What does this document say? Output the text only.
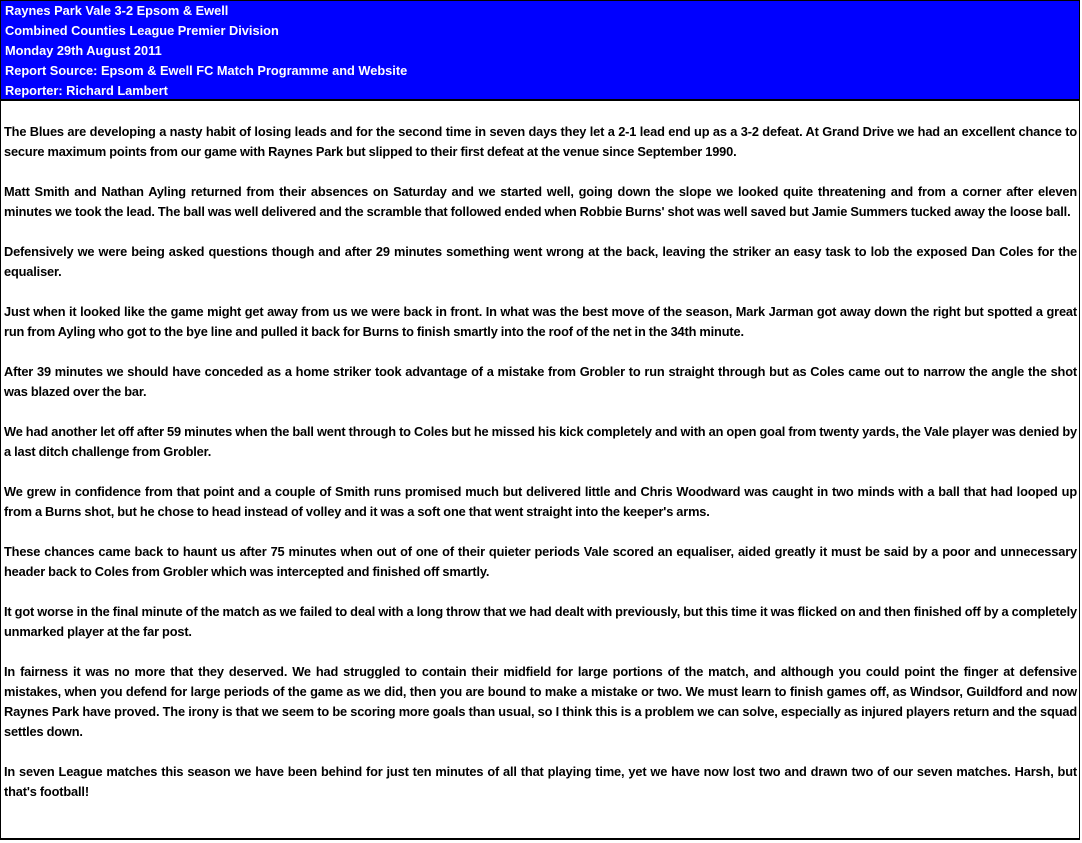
Raynes Park Vale 3-2 Epsom & Ewell
Combined Counties League Premier Division
Monday 29th August 2011
Report Source: Epsom & Ewell FC Match Programme and Website
Reporter: Richard Lambert

The Blues are developing a nasty habit of losing leads and for the second time in seven days they let a 2-1 lead end up as a 3-2 defeat. At Grand Drive we had an excellent chance to secure maximum points from our game with Raynes Park but slipped to their first defeat at the venue since September 1990.

Matt Smith and Nathan Ayling returned from their absences on Saturday and we started well, going down the slope we looked quite threatening and from a corner after eleven minutes we took the lead. The ball was well delivered and the scramble that followed ended when Robbie Burns' shot was well saved but Jamie Summers tucked away the loose ball.

Defensively we were being asked questions though and after 29 minutes something went wrong at the back, leaving the striker an easy task to lob the exposed Dan Coles for the equaliser.

Just when it looked like the game might get away from us we were back in front. In what was the best move of the season, Mark Jarman got away down the right but spotted a great run from Ayling who got to the bye line and pulled it back for Burns to finish smartly into the roof of the net in the 34th minute.

After 39 minutes we should have conceded as a home striker took advantage of a mistake from Grobler to run straight through but as Coles came out to narrow the angle the shot was blazed over the bar.

We had another let off after 59 minutes when the ball went through to Coles but he missed his kick completely and with an open goal from twenty yards, the Vale player was denied by a last ditch challenge from Grobler.

We grew in confidence from that point and a couple of Smith runs promised much but delivered little and Chris Woodward was caught in two minds with a ball that had looped up from a Burns shot, but he chose to head instead of volley and it was a soft one that went straight into the keeper's arms.

These chances came back to haunt us after 75 minutes when out of one of their quieter periods Vale scored an equaliser, aided greatly it must be said by a poor and unnecessary header back to Coles from Grobler which was intercepted and finished off smartly.

It got worse in the final minute of the match as we failed to deal with a long throw that we had dealt with previously, but this time it was flicked on and then finished off by a completely unmarked player at the far post.

In fairness it was no more that they deserved. We had struggled to contain their midfield for large portions of the match, and although you could point the finger at defensive mistakes, when you defend for large periods of the game as we did, then you are bound to make a mistake or two. We must learn to finish games off, as Windsor, Guildford and now Raynes Park have proved. The irony is that we seem to be scoring more goals than usual, so I think this is a problem we can solve, especially as injured players return and the squad settles down.

In seven League matches this season we have been behind for just ten minutes of all that playing time, yet we have now lost two and drawn two of our seven matches. Harsh, but that's football!
